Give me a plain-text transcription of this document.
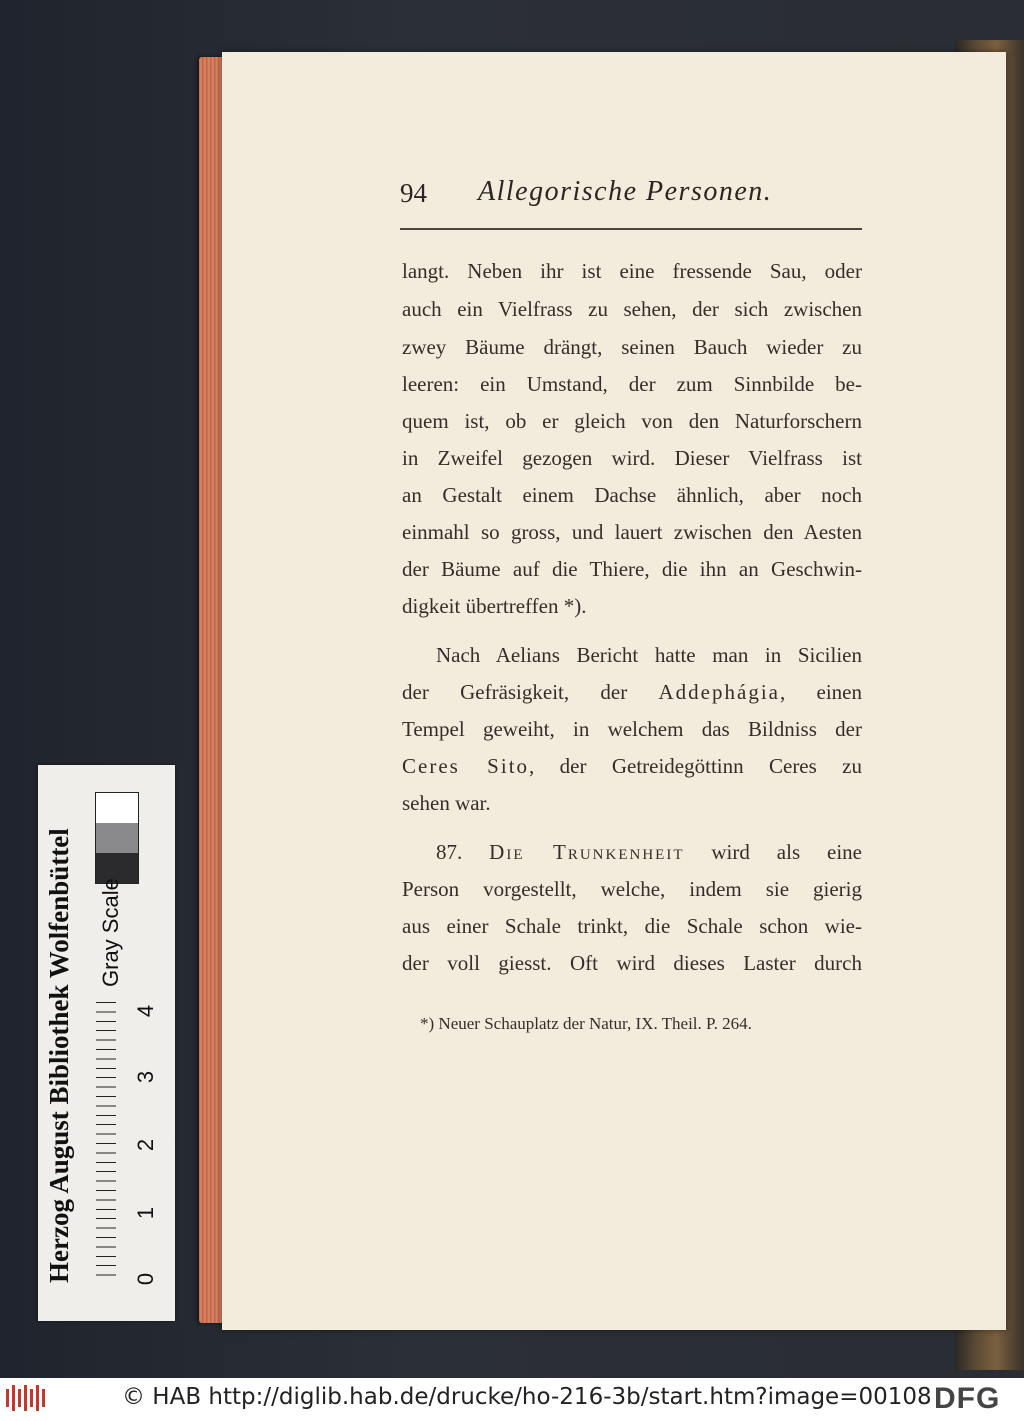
94 Allegorische Personen.
langt. Neben ihr ist eine fressende Sau, oder
auch ein Vielfrass zu sehen, der sich zwischen
zwey Bäume drängt, seinen Bauch wieder zu
leeren: ein Umstand, der zum Sinnbilde be-
quem ist, ob er gleich von den Naturforschern
in Zweifel gezogen wird. Dieser Vielfrass ist
an Gestalt einem Dachse ähnlich, aber noch
einmahl so gross, und lauert zwischen den Aesten
der Bäume auf die Thiere, die ihn an Geschwin-
digkeit übertreffen *).
Nach Aelians Bericht hatte man in Sicilien
der Gefräsigkeit, der Addephágia, einen
Tempel geweiht, in welchem das Bildniss der
Ceres Sito, der Getreidegöttinn Ceres zu
sehen war.
87. Die Trunkenheit wird als eine
Person vorgestellt, welche, indem sie gierig
aus einer Schale trinkt, die Schale schon wie-
der voll giesst. Oft wird dieses Laster durch
*) Neuer Schauplatz der Natur, IX. Theil. P. 264.
Herzog August Bibliothek Wolfenbüttel Gray Scale
0
1
2
3
4
© HAB http://diglib.hab.de/drucke/ho-216-3b/start.htm?image=00108 DFG
